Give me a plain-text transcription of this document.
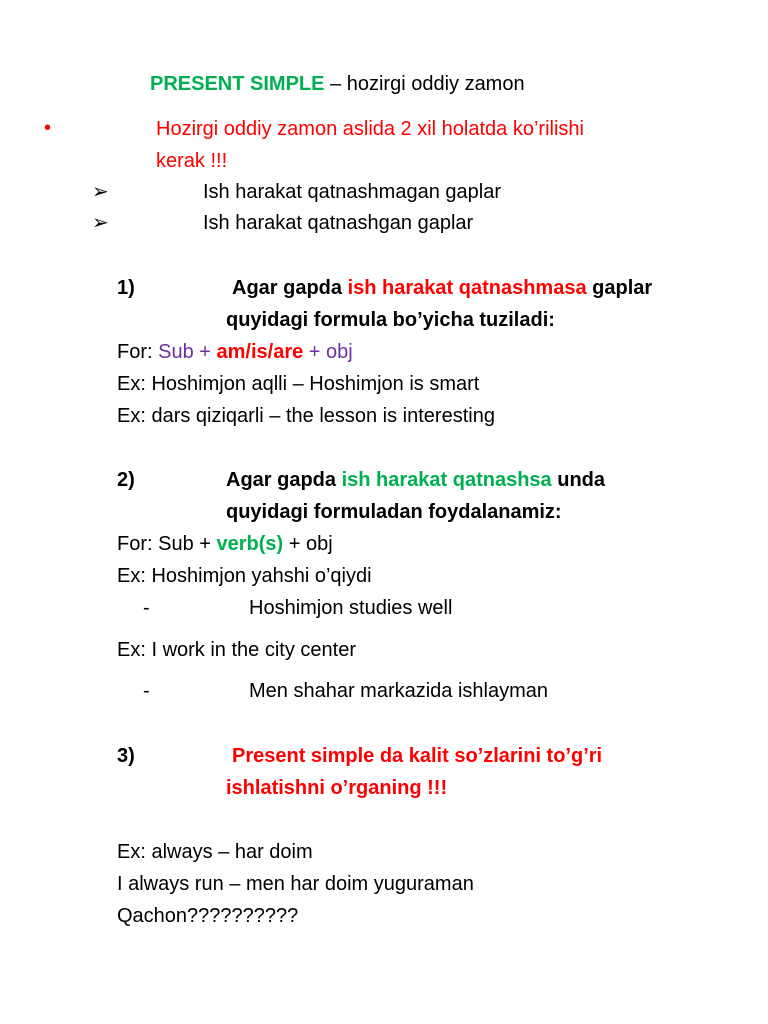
PRESENT SIMPLE – hozirgi oddiy zamon
•	Hozirgi oddiy zamon aslida 2 xil holatda ko’rilishi
kerak !!!
➢	Ish harakat qatnashmagan gaplar
➢	Ish harakat qatnashgan gaplar
1)	Agar gapda ish harakat qatnashmasa gaplar
quyidagi formula bo’yicha tuziladi:
For: Sub + am/is/are + obj
Ex: Hoshimjon aqlli – Hoshimjon is smart
Ex: dars qiziqarli – the lesson is interesting
2)	Agar gapda ish harakat qatnashsa unda
quyidagi formuladan foydalanamiz:
For: Sub + verb(s) + obj
Ex: Hoshimjon yahshi o’qiydi
-	Hoshimjon studies well
Ex: I work in the city center
-	Men shahar markazida ishlayman
3)	Present simple da kalit so’zlarini to’g’ri
ishlatishni o’rganing !!!
Ex: always – har doim
I always run – men har doim yuguraman
Qachon??????????
